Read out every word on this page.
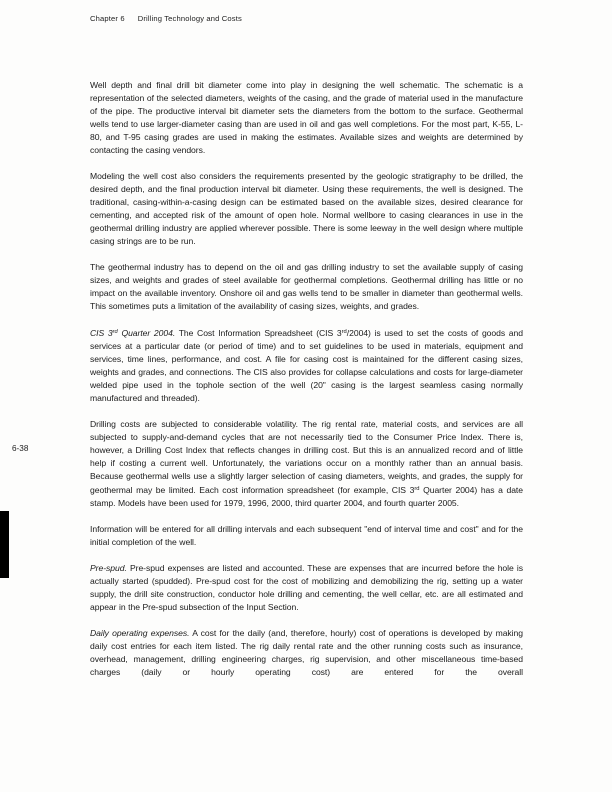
Chapter 6 Drilling Technology and Costs
6-38

Well depth and final drill bit diameter come into play in designing the well schematic. The schematic is a representation of the selected diameters, weights of the casing, and the grade of material used in the manufacture of the pipe. The productive interval bit diameter sets the diameters from the bottom to the surface. Geothermal wells tend to use larger-diameter casing than are used in oil and gas well completions. For the most part, K-55, L-80, and T-95 casing grades are used in making the estimates. Available sizes and weights are determined by contacting the casing vendors.

Modeling the well cost also considers the requirements presented by the geologic stratigraphy to be drilled, the desired depth, and the final production interval bit diameter. Using these requirements, the well is designed. The traditional, casing-within-a-casing design can be estimated based on the available sizes, desired clearance for cementing, and accepted risk of the amount of open hole. Normal wellbore to casing clearances in use in the geothermal drilling industry are applied wherever possible. There is some leeway in the well design where multiple casing strings are to be run.

The geothermal industry has to depend on the oil and gas drilling industry to set the available supply of casing sizes, and weights and grades of steel available for geothermal completions. Geothermal drilling has little or no impact on the available inventory. Onshore oil and gas wells tend to be smaller in diameter than geothermal wells. This sometimes puts a limitation of the availability of casing sizes, weights, and grades.

CIS 3rd Quarter 2004. The Cost Information Spreadsheet (CIS 3rd/2004) is used to set the costs of goods and services at a particular date (or period of time) and to set guidelines to be used in materials, equipment and services, time lines, performance, and cost. A file for casing cost is maintained for the different casing sizes, weights and grades, and connections. The CIS also provides for collapse calculations and costs for large-diameter welded pipe used in the tophole section of the well (20" casing is the largest seamless casing normally manufactured and threaded).

Drilling costs are subjected to considerable volatility. The rig rental rate, material costs, and services are all subjected to supply-and-demand cycles that are not necessarily tied to the Consumer Price Index. There is, however, a Drilling Cost Index that reflects changes in drilling cost. But this is an annualized record and of little help if costing a current well. Unfortunately, the variations occur on a monthly rather than an annual basis. Because geothermal wells use a slightly larger selection of casing diameters, weights, and grades, the supply for geothermal may be limited. Each cost information spreadsheet (for example, CIS 3rd Quarter 2004) has a date stamp. Models have been used for 1979, 1996, 2000, third quarter 2004, and fourth quarter 2005.

Information will be entered for all drilling intervals and each subsequent "end of interval time and cost" and for the initial completion of the well.

Pre-spud. Pre-spud expenses are listed and accounted. These are expenses that are incurred before the hole is actually started (spudded). Pre-spud cost for the cost of mobilizing and demobilizing the rig, setting up a water supply, the drill site construction, conductor hole drilling and cementing, the well cellar, etc. are all estimated and appear in the Pre-spud subsection of the Input Section.

Daily operating expenses. A cost for the daily (and, therefore, hourly) cost of operations is developed by making daily cost entries for each item listed. The rig daily rental rate and the other running costs such as insurance, overhead, management, drilling engineering charges, rig supervision, and other miscellaneous time-based charges (daily or hourly operating cost) are entered for the overall
